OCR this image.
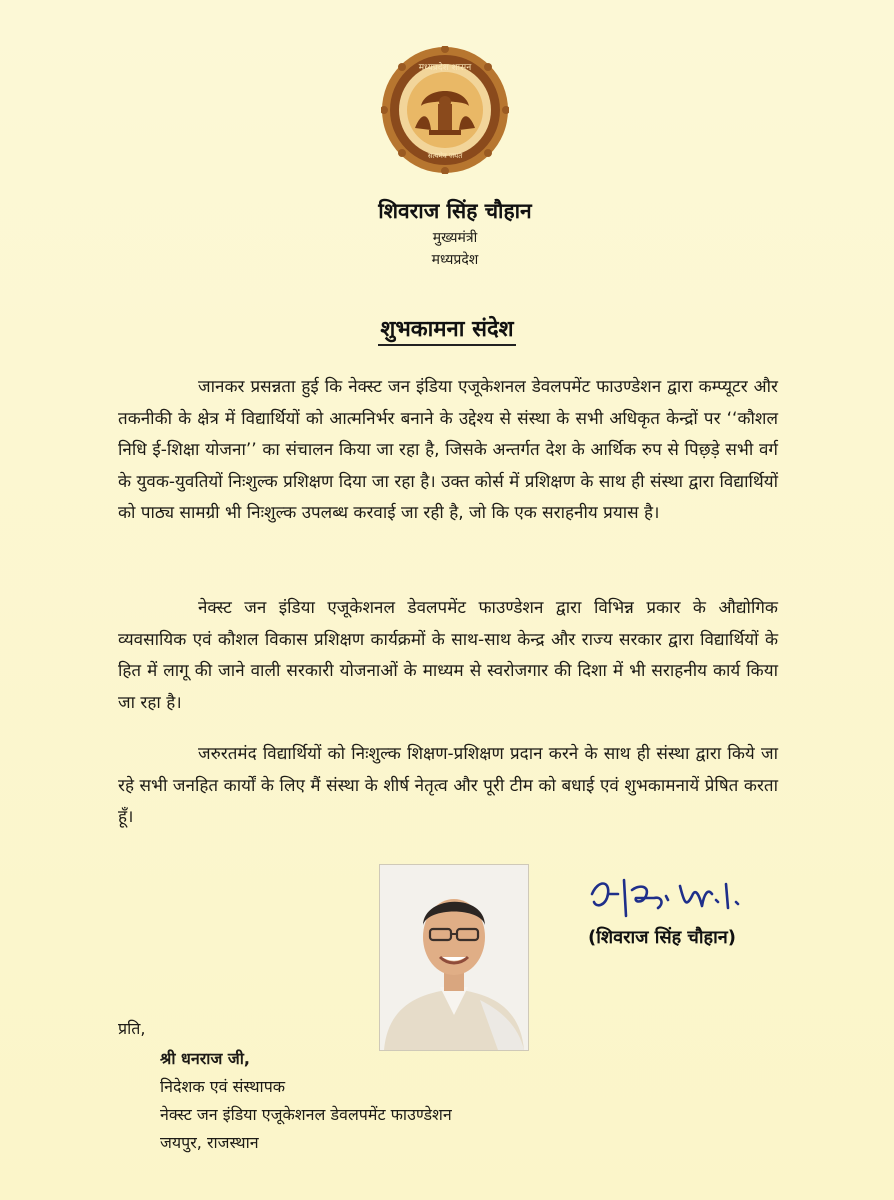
मध्यप्रदेश शासन
सत्यमेव जयते
शिवराज सिंह चौहान
मुख्यमंत्री
मध्यप्रदेश
शुभकामना संदेश

जानकर प्रसन्नता हुई कि नेक्स्ट जन इंडिया एजूकेशनल डेवलपमेंट फाउण्डेशन द्वारा कम्प्यूटर और तकनीकी के क्षेत्र में विद्यार्थियों को आत्मनिर्भर बनाने के उद्देश्य से संस्था के सभी अधिकृत केन्द्रों पर ‘‘कौशल निधि ई-शिक्षा योजना’’ का संचालन किया जा रहा है, जिसके अन्तर्गत देश के आर्थिक रुप से पिछ़ड़े सभी वर्ग के युवक-युवतियों निःशुल्क प्रशिक्षण दिया जा रहा है। उक्त कोर्स में प्रशिक्षण के साथ ही संस्था द्वारा विद्यार्थियों को पाठ्य सामग्री भी निःशुल्क उपलब्ध करवाई जा रही है, जो कि एक सराहनीय प्रयास है।

नेक्स्ट जन इंडिया एजूकेशनल डेवलपमेंट फाउण्डेशन द्वारा विभिन्न प्रकार के औद्योगिक व्यवसायिक एवं कौशल विकास प्रशिक्षण कार्यक्रमों के साथ-साथ केन्द्र और राज्य सरकार द्वारा विद्यार्थियों के हित में लागू की जाने वाली सरकारी योजनाओं के माध्यम से स्वरोजगार की दिशा में भी सराहनीय कार्य किया जा रहा है।

जरुरतमंद विद्यार्थियों को निःशुल्क शिक्षण-प्रशिक्षण प्रदान करने के साथ ही संस्था द्वारा किये जा रहे सभी जनहित कार्यों के लिए मैं संस्था के शीर्ष नेतृत्व और पूरी टीम को बधाई एवं शुभकामनायें प्रेषित करता हूँ।

(शिवराज सिंह चौहान)
प्रति,
श्री धनराज जी,
निदेशक एवं संस्थापक
नेक्स्ट जन इंडिया एजूकेशनल डेवलपमेंट फाउण्डेशन
जयपुर, राजस्थान
